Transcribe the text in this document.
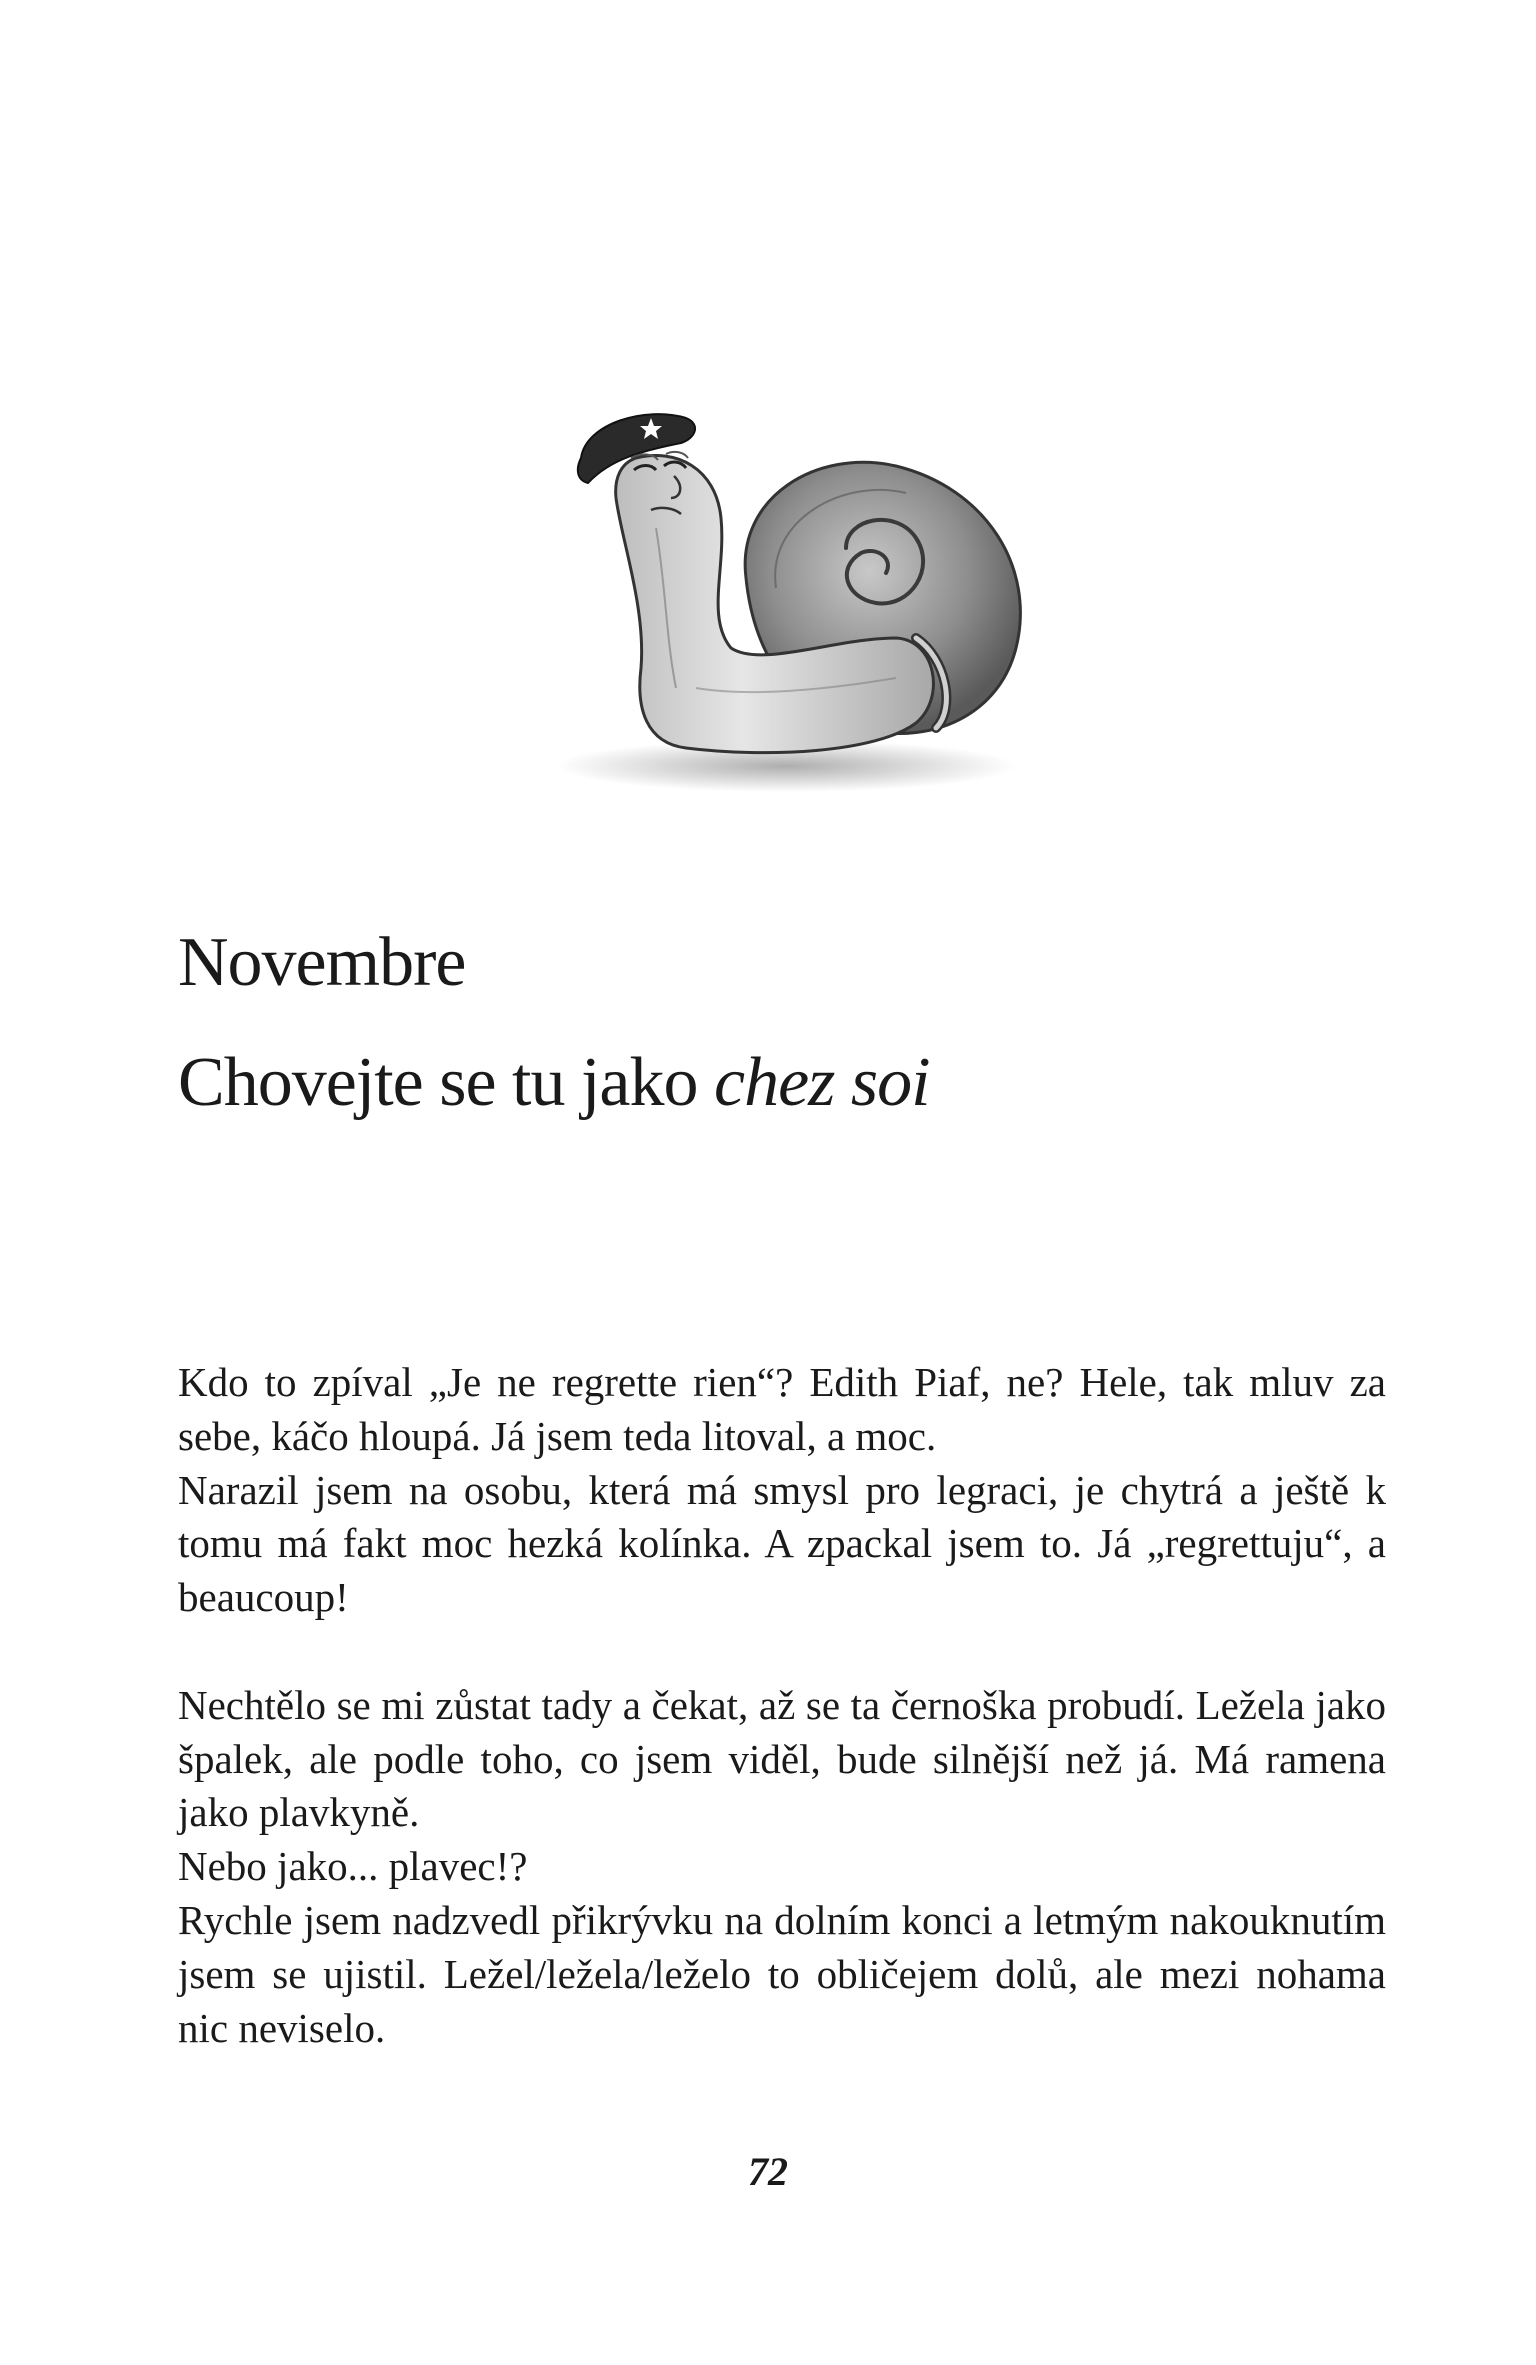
Novembre
Chovejte se tu jako chez soi

Kdo to zpíval „Je ne regrette rien“? Edith Piaf, ne? Hele, tak mluv za sebe, káčo hloupá. Já jsem teda litoval, a moc.

Narazil jsem na osobu, která má smysl pro legraci, je chytrá a ještě k tomu má fakt moc hezká kolínka. A zpackal jsem to. Já „regrettuju“, a beaucoup!

Nechtělo se mi zůstat tady a čekat, až se ta černoška probudí. Ležela jako špalek, ale podle toho, co jsem viděl, bude silnější než já. Má ramena jako plavkyně.

Nebo jako... plavec!?

Rychle jsem nadzvedl přikrývku na dolním konci a letmým nakouknutím jsem se ujistil. Ležel/ležela/leželo to obličejem dolů, ale mezi nohama nic neviselo.

72
